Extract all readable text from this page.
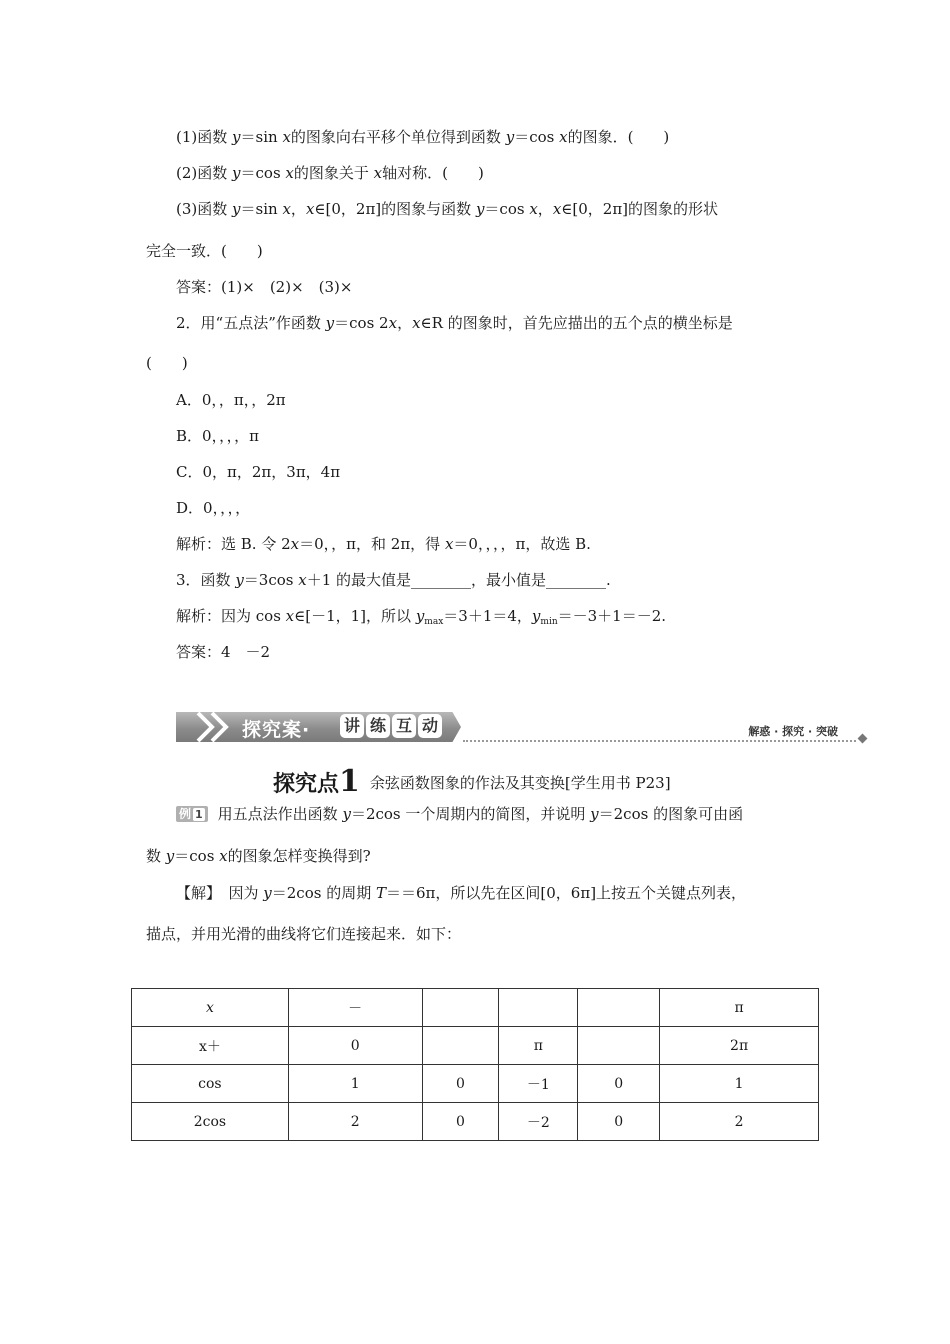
(1)函数 y＝sin x的图象向右平移个单位得到函数 y＝cos x的图象．(　　)
(2)函数 y＝cos x的图象关于 x轴对称．(　　)
(3)函数 y＝sin x，x∈[0，2π]的图象与函数 y＝cos x，x∈[0，2π]的图象的形状
完全一致．(　　)
答案：(1)×　(2)×　(3)×
2．用“五点法”作函数 y＝cos 2x，x∈R 的图象时，首先应描出的五个点的横坐标是
(　　)
A．0，，π，，2π
B．0，，，，π
C．0，π，2π，3π，4π
D．0，，，，
解析：选 B. 令 2x＝0，，π，和 2π，得 x＝0，，，，π，故选 B.
3．函数 y＝3cos x＋1 的最大值是________，最小值是________.
解析：因为 cos x∈[－1，1]，所以 $y_{max}=3+1=4$，$y_{min}=-3+1=-2$.
答案：4　－2
探究案· 讲 练 互 动	解惑 · 探究 · 突破
探究点1 余弦函数图象的作法及其变换[学生用书 P23]
例 1 用五点法作出函数 y＝2cos 一个周期内的简图，并说明 y＝2cos 的图象可由函
数 y＝cos x的图象怎样变换得到?
【解】　因为 y＝2cos 的周期 T＝＝6π，所以先在区间[0，6π]上按五个关键点列表，
描点，并用光滑的曲线将它们连接起来．如下：
x	－				π
x＋	0		π		2π
cos	1	0	－1	0	1
2cos	2	0	－2	0	2
